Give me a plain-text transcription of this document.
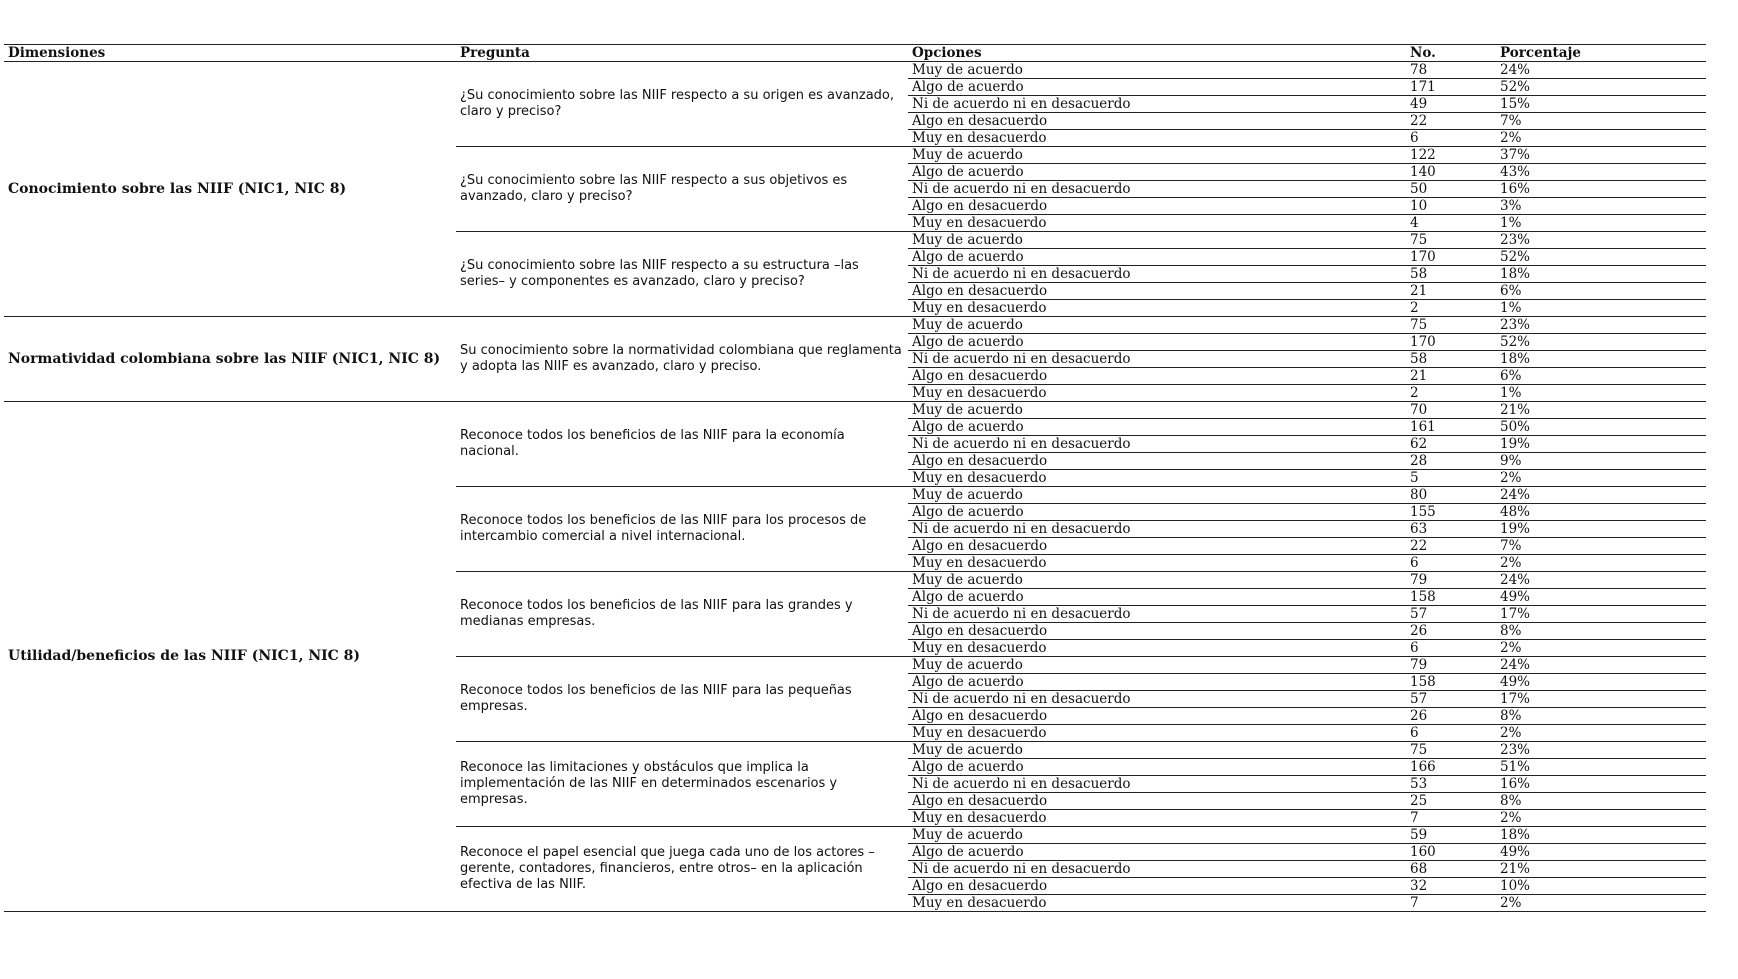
Dimensiones	Pregunta	Opciones	No.	Porcentaje
Conocimiento sobre las NIIF (NIC1, NIC 8)	¿Su conocimiento sobre las NIIF respecto a su origen es avanzado, claro y preciso?	Muy de acuerdo	78	24%
		Algo de acuerdo	171	52%
		Ni de acuerdo ni en desacuerdo	49	15%
		Algo en desacuerdo	22	7%
		Muy en desacuerdo	6	2%
	¿Su conocimiento sobre las NIIF respecto a sus objetivos es avanzado, claro y preciso?	Muy de acuerdo	122	37%
		Algo de acuerdo	140	43%
		Ni de acuerdo ni en desacuerdo	50	16%
		Algo en desacuerdo	10	3%
		Muy en desacuerdo	4	1%
	¿Su conocimiento sobre las NIIF respecto a su estructura –las series– y componentes es avanzado, claro y preciso?	Muy de acuerdo	75	23%
		Algo de acuerdo	170	52%
		Ni de acuerdo ni en desacuerdo	58	18%
		Algo en desacuerdo	21	6%
		Muy en desacuerdo	2	1%
Normatividad colombiana sobre las NIIF (NIC1, NIC 8)	Su conocimiento sobre la normatividad colombiana que reglamenta y adopta las NIIF es avanzado, claro y preciso.	Muy de acuerdo	75	23%
		Algo de acuerdo	170	52%
		Ni de acuerdo ni en desacuerdo	58	18%
		Algo en desacuerdo	21	6%
		Muy en desacuerdo	2	1%
Utilidad/beneficios de las NIIF (NIC1, NIC 8)	Reconoce todos los beneficios de las NIIF para la economía nacional.	Muy de acuerdo	70	21%
		Algo de acuerdo	161	50%
		Ni de acuerdo ni en desacuerdo	62	19%
		Algo en desacuerdo	28	9%
		Muy en desacuerdo	5	2%
	Reconoce todos los beneficios de las NIIF para los procesos de intercambio comercial a nivel internacional.	Muy de acuerdo	80	24%
		Algo de acuerdo	155	48%
		Ni de acuerdo ni en desacuerdo	63	19%
		Algo en desacuerdo	22	7%
		Muy en desacuerdo	6	2%
	Reconoce todos los beneficios de las NIIF para las grandes y medianas empresas.	Muy de acuerdo	79	24%
		Algo de acuerdo	158	49%
		Ni de acuerdo ni en desacuerdo	57	17%
		Algo en desacuerdo	26	8%
		Muy en desacuerdo	6	2%
	Reconoce todos los beneficios de las NIIF para las pequeñas empresas.	Muy de acuerdo	79	24%
		Algo de acuerdo	158	49%
		Ni de acuerdo ni en desacuerdo	57	17%
		Algo en desacuerdo	26	8%
		Muy en desacuerdo	6	2%
	Reconoce las limitaciones y obstáculos que implica la implementación de las NIIF en determinados escenarios y empresas.	Muy de acuerdo	75	23%
		Algo de acuerdo	166	51%
		Ni de acuerdo ni en desacuerdo	53	16%
		Algo en desacuerdo	25	8%
		Muy en desacuerdo	7	2%
	Reconoce el papel esencial que juega cada uno de los actores –gerente, contadores, financieros, entre otros– en la aplicación efectiva de las NIIF.	Muy de acuerdo	59	18%
		Algo de acuerdo	160	49%
		Ni de acuerdo ni en desacuerdo	68	21%
		Algo en desacuerdo	32	10%
		Muy en desacuerdo	7	2%
